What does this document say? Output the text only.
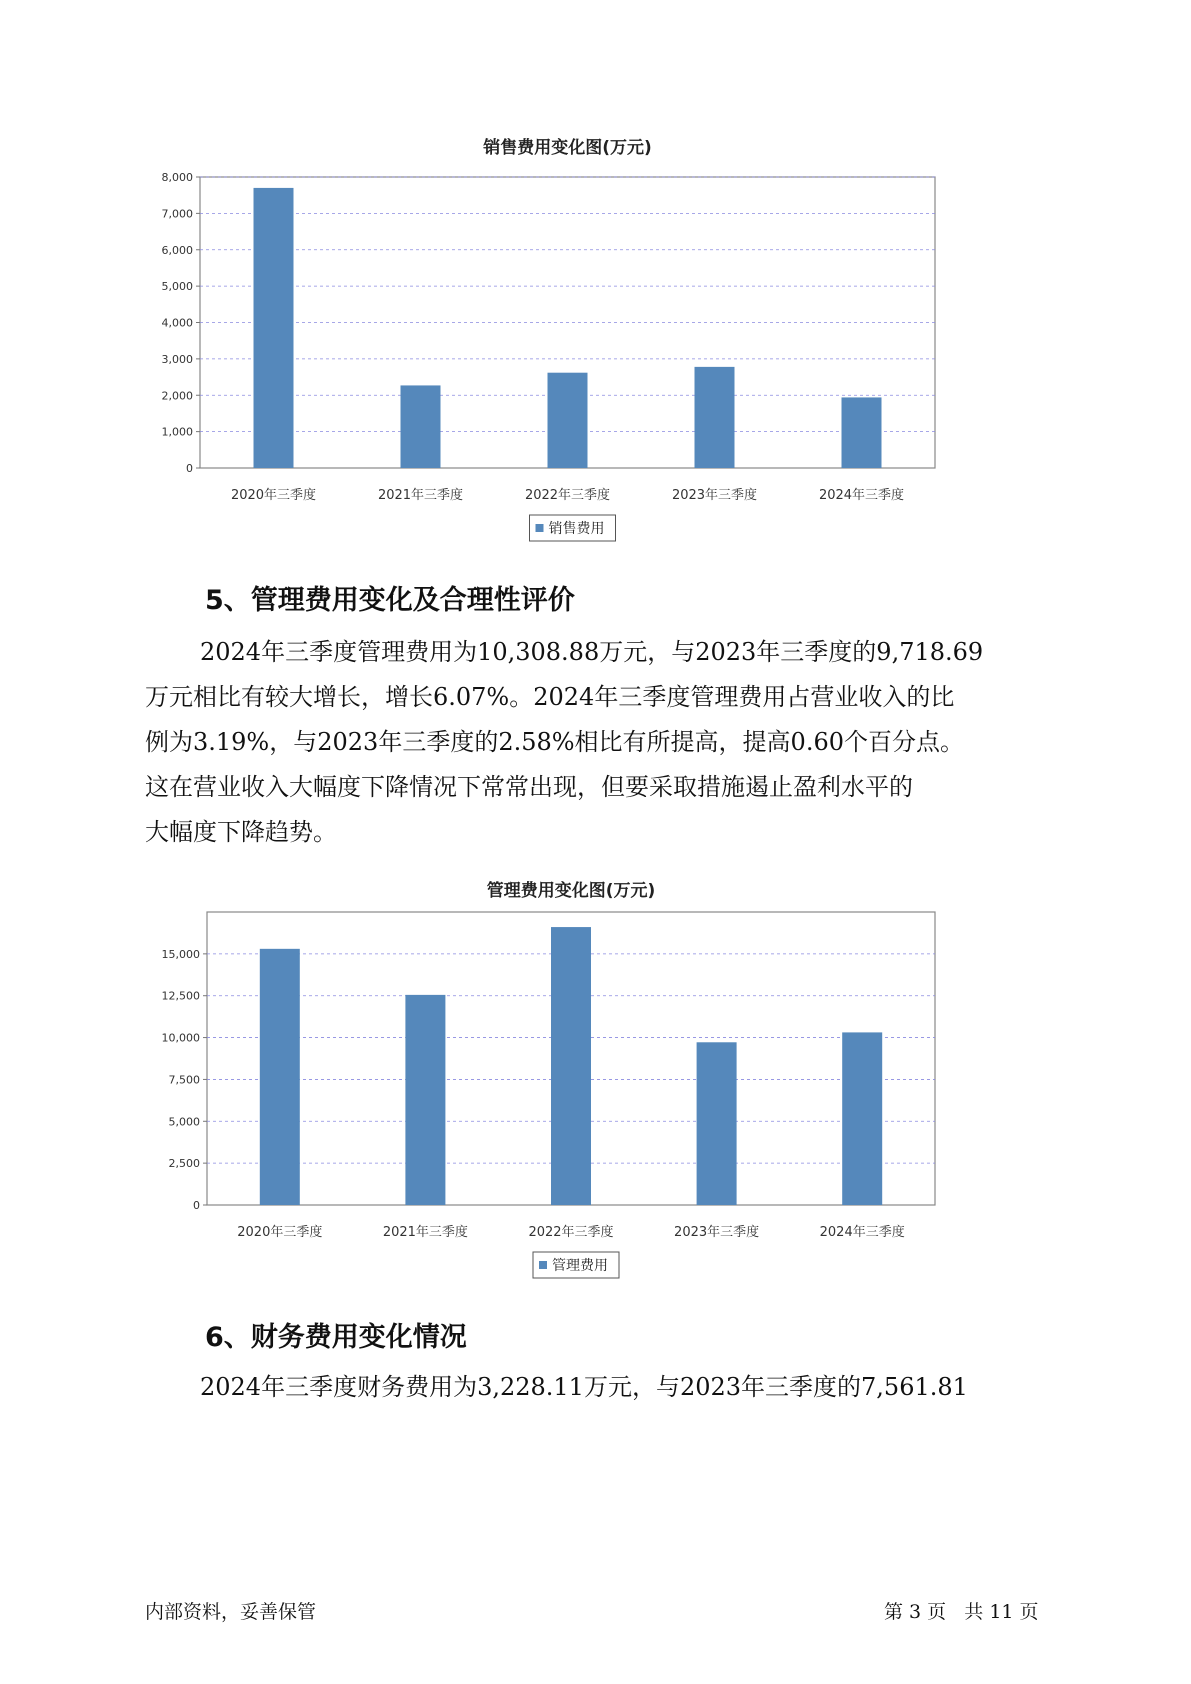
销售费用变化图(万元)
0
1,000
2,000
3,000
4,000
5,000
6,000
7,000
8,000
2020年三季度	2021年三季度	2022年三季度	2023年三季度	2024年三季度
销售费用
5、管理费用变化及合理性评价
2024年三季度管理费用为10,308.88万元，与2023年三季度的9,718.69
万元相比有较大增长，增长6.07%。2024年三季度管理费用占营业收入的比
例为3.19%，与2023年三季度的2.58%相比有所提高，提高0.60个百分点。
这在营业收入大幅度下降情况下常常出现，但要采取措施遏止盈利水平的
大幅度下降趋势。
管理费用变化图(万元)
0
2,500
5,000
7,500
10,000
12,500
15,000
2020年三季度	2021年三季度	2022年三季度	2023年三季度	2024年三季度
管理费用
6、财务费用变化情况
2024年三季度财务费用为3,228.11万元，与2023年三季度的7,561.81
内部资料，妥善保管	第 3 页   共 11 页
